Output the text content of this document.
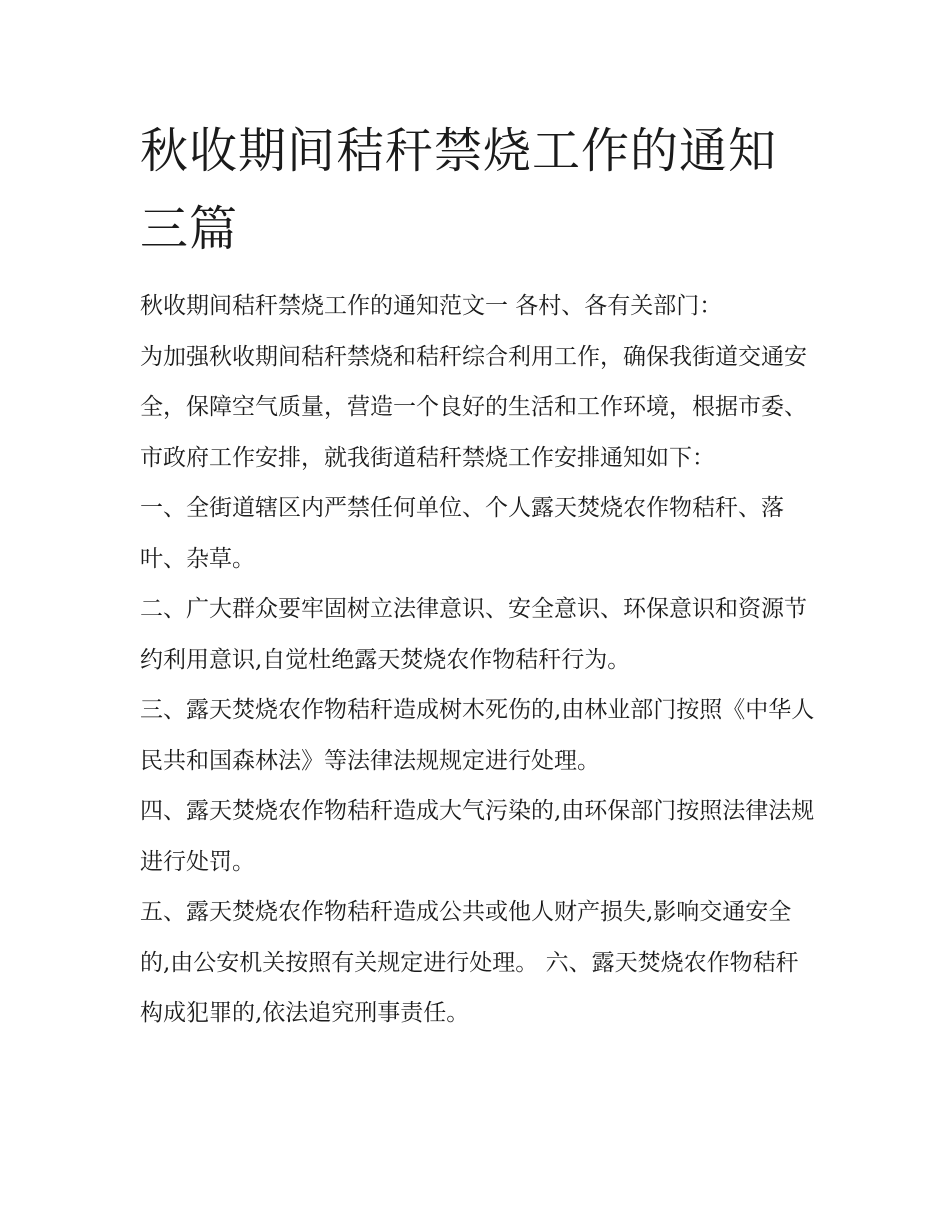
秋收期间秸秆禁烧工作的通知三篇

秋收期间秸秆禁烧工作的通知范文一 各村、各有关部门：

为加强秋收期间秸秆禁烧和秸秆综合利用工作，确保我街道交通安全，保障空气质量，营造一个良好的生活和工作环境，根据市委、市政府工作安排，就我街道秸秆禁烧工作安排通知如下：

一、全街道辖区内严禁任何单位、个人露天焚烧农作物秸秆、落叶、杂草。

二、广大群众要牢固树立法律意识、安全意识、环保意识和资源节约利用意识,自觉杜绝露天焚烧农作物秸秆行为。

三、露天焚烧农作物秸秆造成树木死伤的,由林业部门按照《中华人民共和国森林法》等法律法规规定进行处理。

四、露天焚烧农作物秸秆造成大气污染的,由环保部门按照法律法规进行处罚。

五、露天焚烧农作物秸秆造成公共或他人财产损失,影响交通安全的,由公安机关按照有关规定进行处理。 六、露天焚烧农作物秸秆构成犯罪的,依法追究刑事责任。
